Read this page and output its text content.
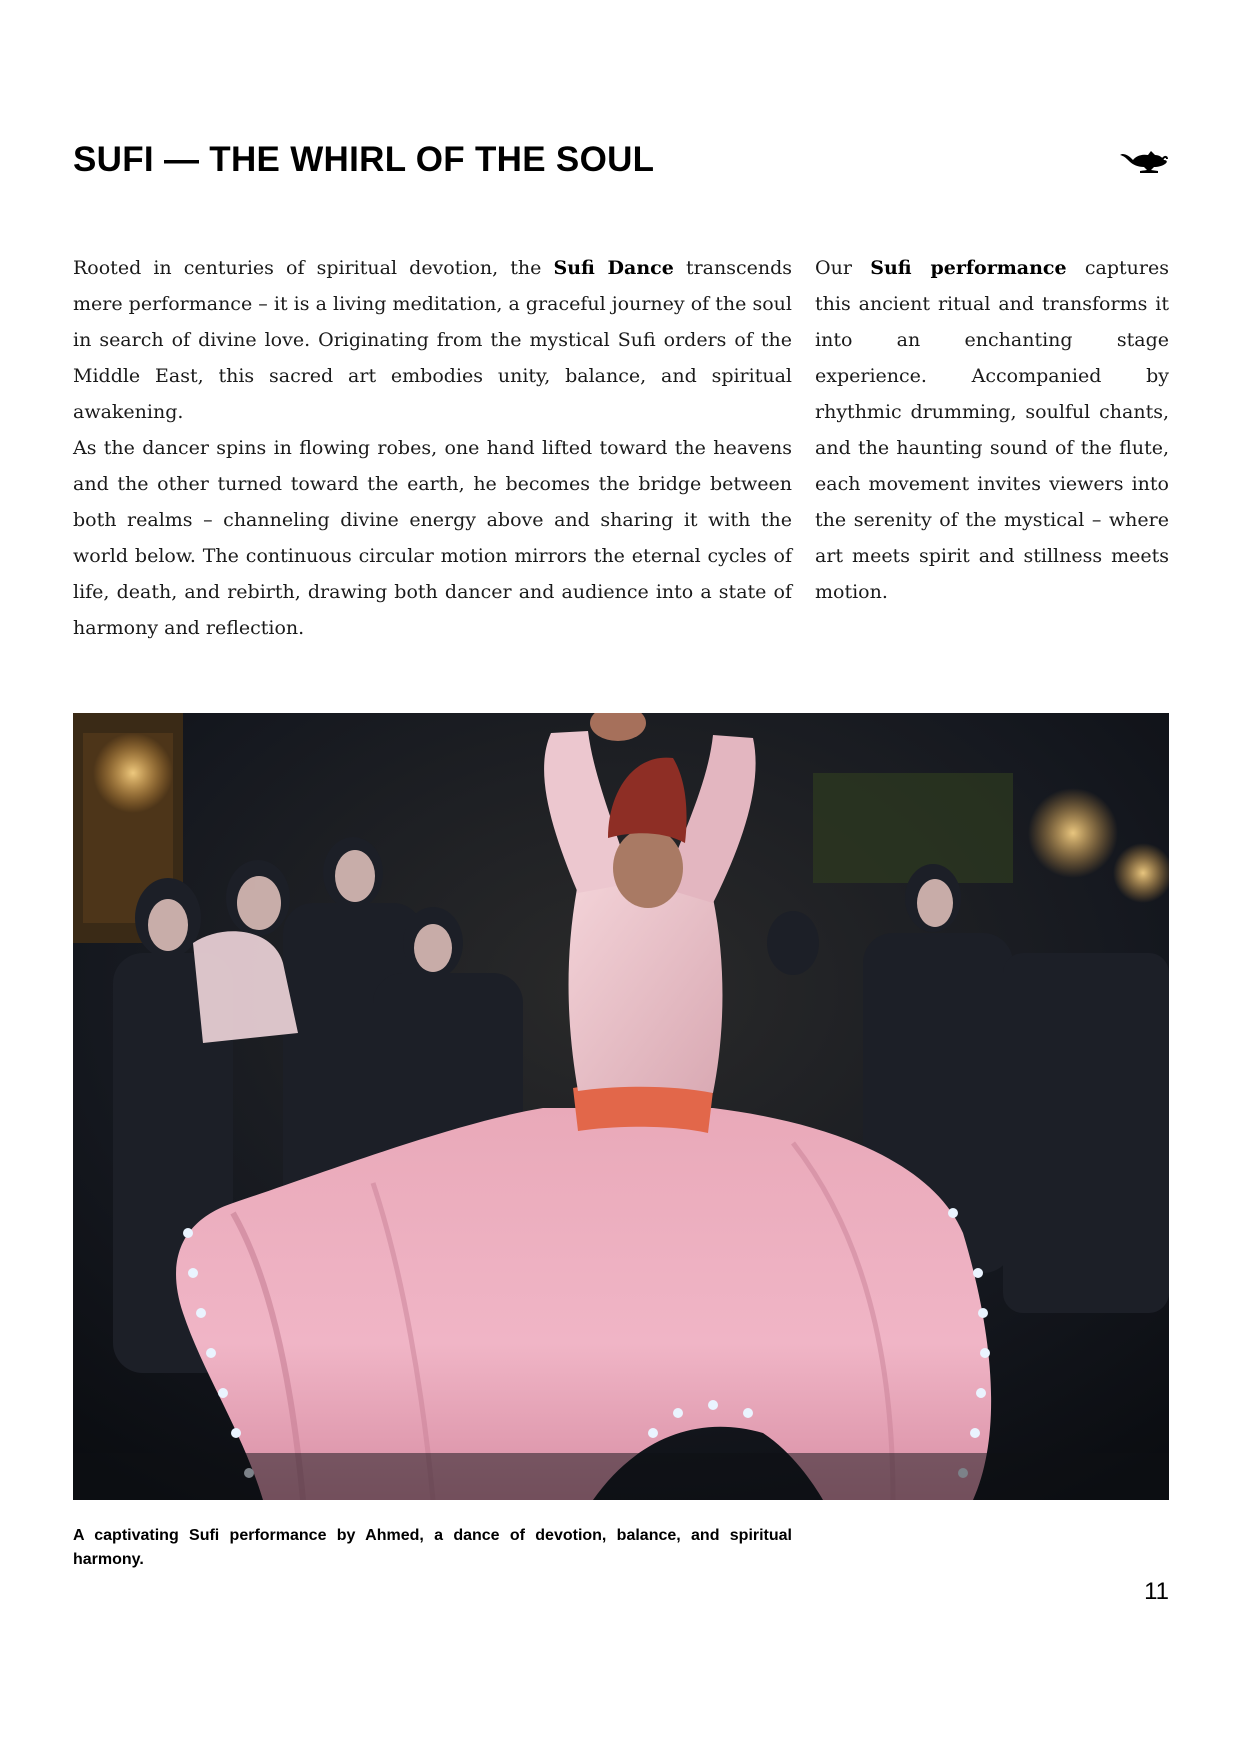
SUFI — THE WHIRL OF THE SOUL

Rooted in centuries of spiritual devotion, the Sufi Dance transcends mere performance – it is a living meditation, a graceful journey of the soul in search of divine love. Originating from the mystical Sufi orders of the Middle East, this sacred art embodies unity, balance, and spiritual awakening.

As the dancer spins in flowing robes, one hand lifted toward the heavens and the other turned toward the earth, he becomes the bridge between both realms – channeling divine energy above and sharing it with the world below. The continuous circular motion mirrors the eternal cycles of life, death, and rebirth, drawing both dancer and audience into a state of harmony and reflection.

Our Sufi performance captures this ancient ritual and transforms it into an enchanting stage experience. Accompanied by rhythmic drumming, soulful chants, and the haunting sound of the flute, each movement invites viewers into the serenity of the mystical – where art meets spirit and stillness meets motion.

A captivating Sufi performance by Ahmed, a dance of devotion, balance, and spiritual harmony.

11
